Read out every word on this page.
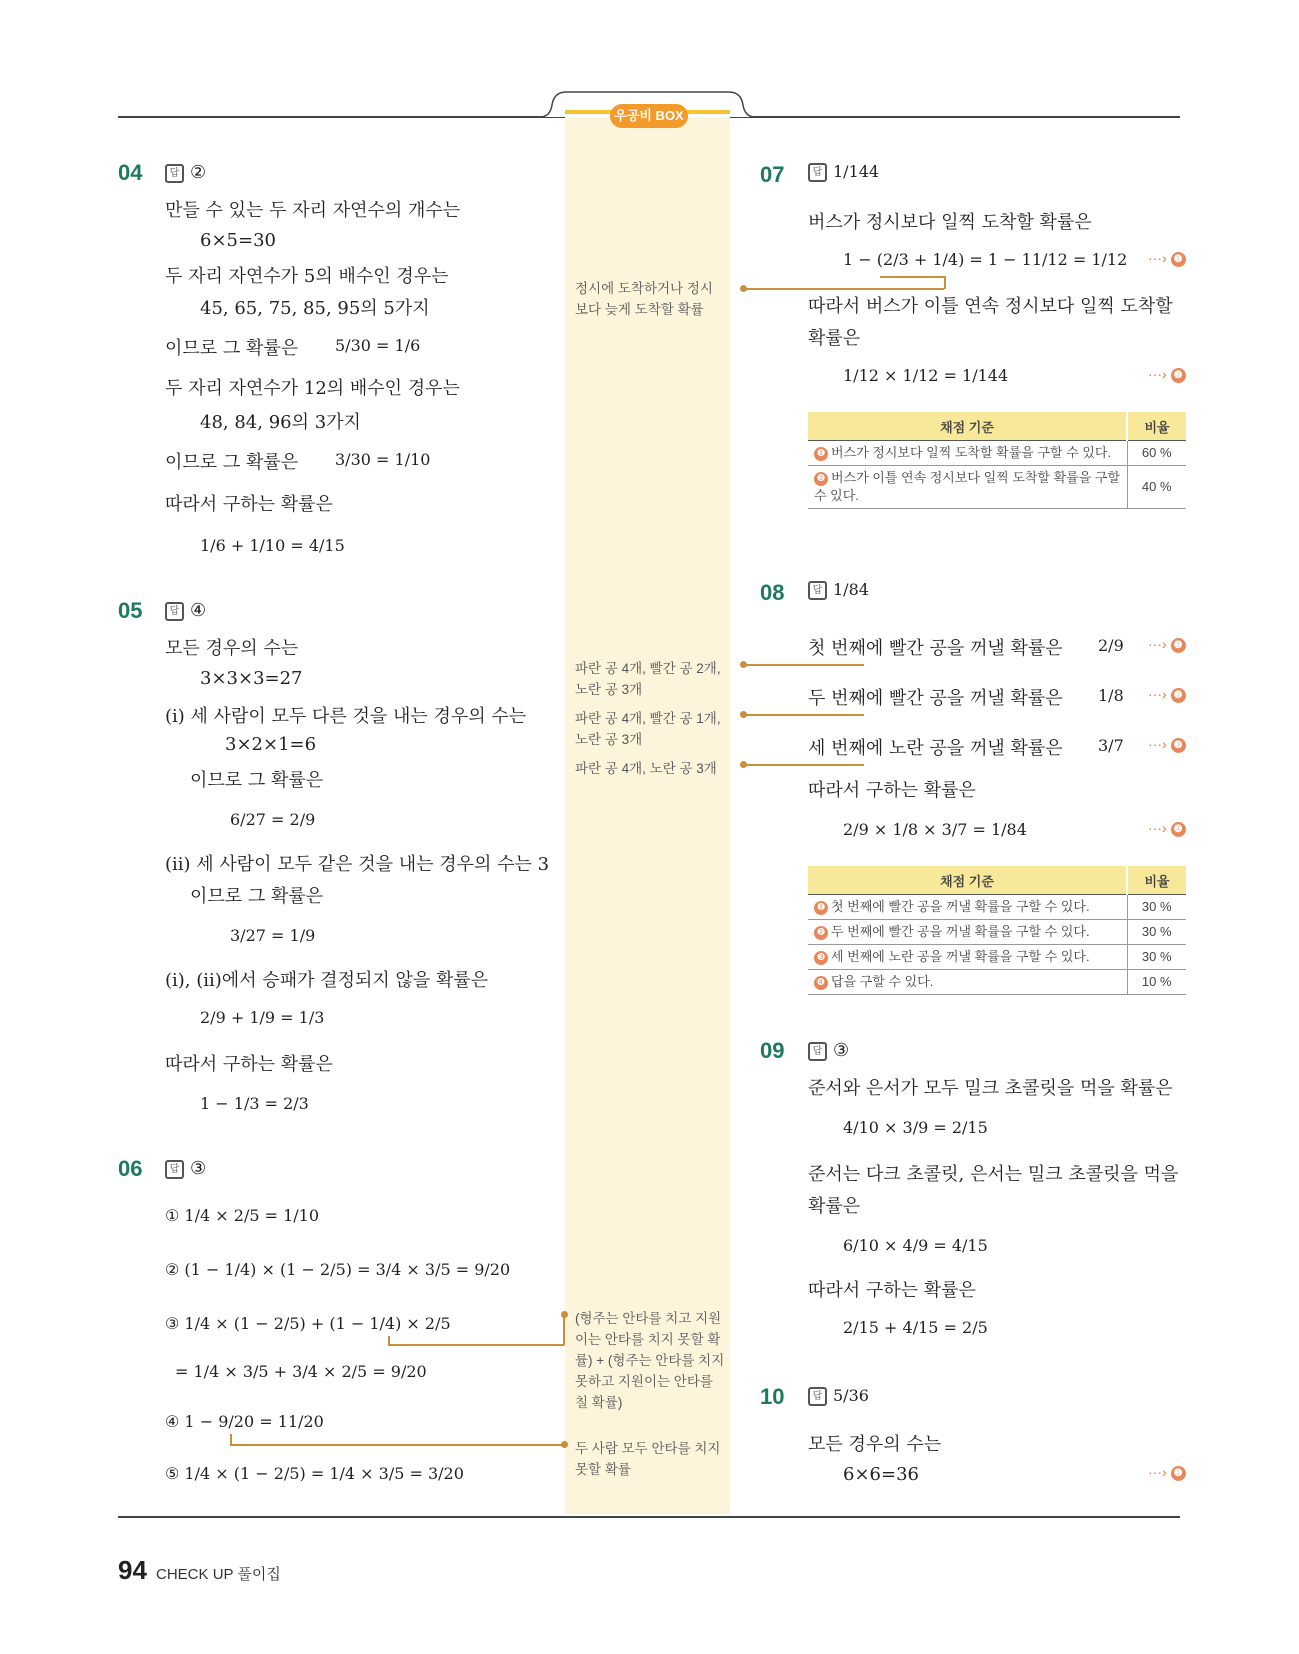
우공비 BOX
04	답 ②
만들 수 있는 두 자리 자연수의 개수는
6×5=30
두 자리 자연수가 5의 배수인 경우는
45, 65, 75, 85, 95의 5가지
이므로 그 확률은 5/30 = 1/6
두 자리 자연수가 12의 배수인 경우는
48, 84, 96의 3가지
이므로 그 확률은 3/30 = 1/10
따라서 구하는 확률은
1/6 + 1/10 = 4/15
05	답 ④
모든 경우의 수는
3×3×3=27
(i) 세 사람이 모두 다른 것을 내는 경우의 수는
3×2×1=6
이므로 그 확률은
6/27 = 2/9
(ii) 세 사람이 모두 같은 것을 내는 경우의 수는 3
이므로 그 확률은
3/27 = 1/9
(i), (ii)에서 승패가 결정되지 않을 확률은
2/9 + 1/9 = 1/3
따라서 구하는 확률은
1 − 1/3 = 2/3
06	답 ③
① 1/4 × 2/5 = 1/10
② (1 − 1/4) × (1 − 2/5) = 3/4 × 3/5 = 9/20
③ 1/4 × (1 − 2/5) + (1 − 1/4) × 2/5
= 1/4 × 3/5 + 3/4 × 2/5 = 9/20
④ 1 − 9/20 = 11/20
⑤ 1/4 × (1 − 2/5) = 1/4 × 3/5 = 3/20
정시에 도착하거나 정시보다 늦게 도착할 확률
파란 공 4개, 빨간 공 2개, 노란 공 3개
파란 공 4개, 빨간 공 1개, 노란 공 3개
파란 공 4개, 노란 공 3개
(형주는 안타를 치고 지원이는 안타를 치지 못할 확률) + (형주는 안타를 치지 못하고 지원이는 안타를 칠 확률)
두 사람 모두 안타를 치지 못할 확률
07	답 1/144
버스가 정시보다 일찍 도착할 확률은
1 − (2/3 + 1/4) = 1 − 11/12 = 1/12 ···› ❶
따라서 버스가 이틀 연속 정시보다 일찍 도착할
확률은
1/12 × 1/12 = 1/144	···› ❷
채점 기준	비율
❶ 버스가 정시보다 일찍 도착할 확률을 구할 수 있다.	60 %
❷ 버스가 이틀 연속 정시보다 일찍 도착할 확률을 구할 수 있다.	40 %
08	답 1/84
첫 번째에 빨간 공을 꺼낼 확률은 2/9 ···› ❶
두 번째에 빨간 공을 꺼낼 확률은 1/8 ···› ❷
세 번째에 노란 공을 꺼낼 확률은 3/7 ···› ❸
따라서 구하는 확률은
2/9 × 1/8 × 3/7 = 1/84	···› ❹
채점 기준	비율
❶ 첫 번째에 빨간 공을 꺼낼 확률을 구할 수 있다.	30 %
❷ 두 번째에 빨간 공을 꺼낼 확률을 구할 수 있다.	30 %
❸ 세 번째에 노란 공을 꺼낼 확률을 구할 수 있다.	30 %
❹ 답을 구할 수 있다.	10 %
09	답 ③
준서와 은서가 모두 밀크 초콜릿을 먹을 확률은
4/10 × 3/9 = 2/15
준서는 다크 초콜릿, 은서는 밀크 초콜릿을 먹을
확률은
6/10 × 4/9 = 4/15
따라서 구하는 확률은
2/15 + 4/15 = 2/5
10	답 5/36
모든 경우의 수는
6×6=36	···› ❶
94 CHECK UP 풀이집
